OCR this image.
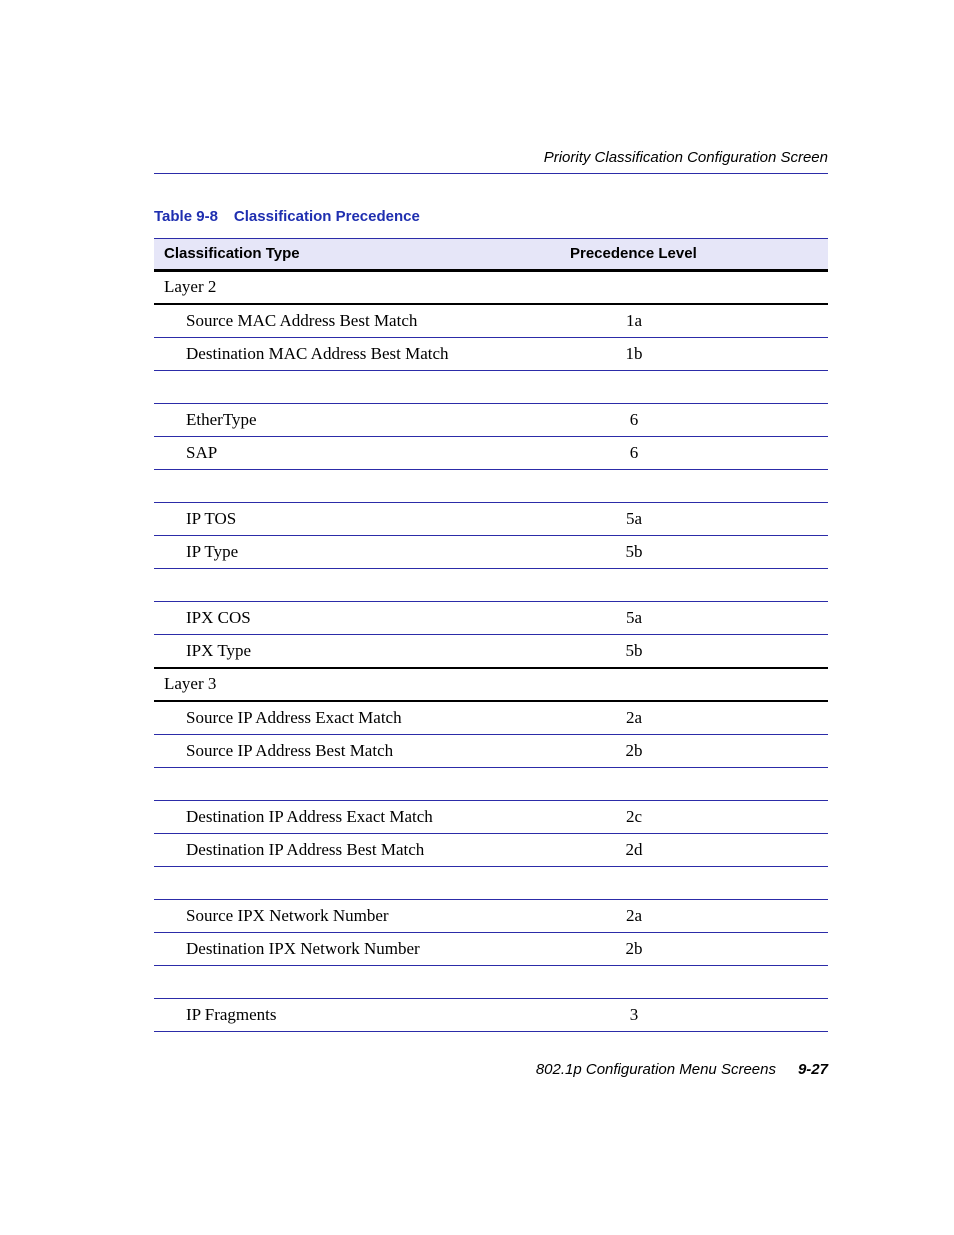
Priority Classification Configuration Screen
Table 9-8 Classification Precedence
Classification Type	Precedence Level
Layer 2
Source MAC Address Best Match	1a
Destination MAC Address Best Match	1b
EtherType	6
SAP	6
IP TOS	5a
IP Type	5b
IPX COS	5a
IPX Type	5b
Layer 3
Source IP Address Exact Match	2a
Source IP Address Best Match	2b
Destination IP Address Exact Match	2c
Destination IP Address Best Match	2d
Source IPX Network Number	2a
Destination IPX Network Number	2b
IP Fragments	3
802.1p Configuration Menu Screens 9-27
